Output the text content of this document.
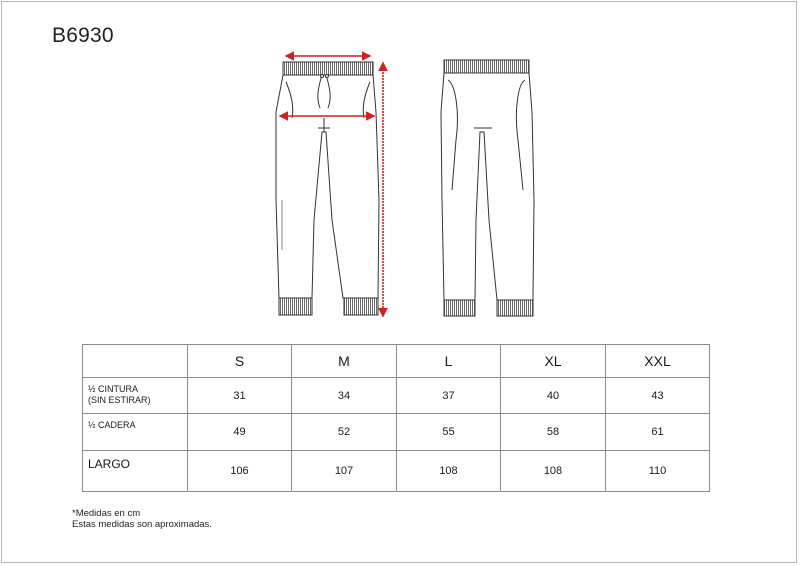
B6930
	S	M	L	XL	XXL

½ CINTURA
(SIN ESTIRAR)	31	34	37	40	43

½ CADERA	49	52	55	58	61

LARGO	106	107	108	108	110
*Medidas en cm
Estas medidas son aproximadas.
